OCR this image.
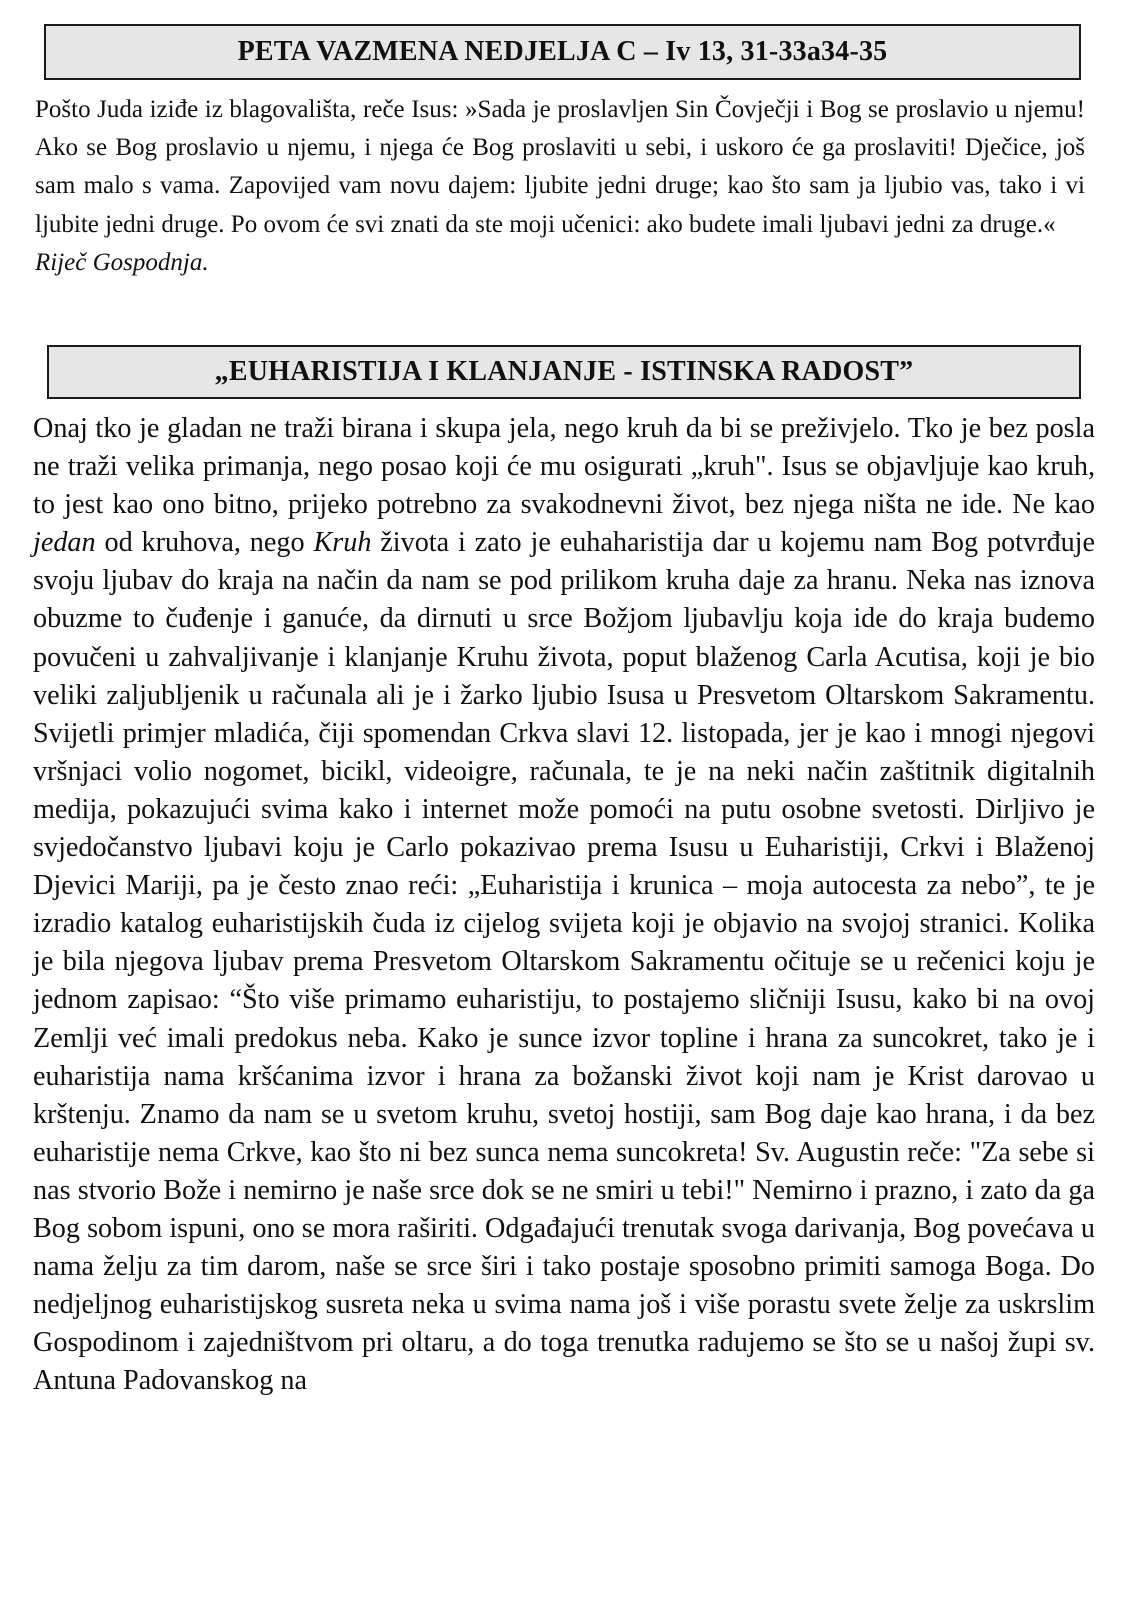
PETA VAZMENA NEDJELJA C – Iv 13, 31-33a34-35
Pošto Juda iziđe iz blagovališta, reče Isus: »Sada je proslavljen Sin Čovječji i Bog se proslavio u njemu! Ako se Bog proslavio u njemu, i njega će Bog proslaviti u sebi, i uskoro će ga proslaviti! Dječice, još sam malo s vama. Zapovijed vam novu dajem: ljubite jedni druge; kao što sam ja ljubio vas, tako i vi ljubite jedni druge. Po ovom će svi znati da ste moji učenici: ako budete imali ljubavi jedni za druge.«
Riječ Gospodnja.
„EUHARISTIJA I KLANJANJE - ISTINSKA RADOST”
Onaj tko je gladan ne traži birana i skupa jela, nego kruh da bi se preživjelo. Tko je bez posla ne traži velika primanja, nego posao koji će mu osigurati „kruh". Isus se objavljuje kao kruh, to jest kao ono bitno, prijeko potrebno za svakodnevni život, bez njega ništa ne ide. Ne kao jedan od kruhova, nego Kruh života i zato je euhaharistija dar u kojemu nam Bog potvrđuje svoju ljubav do kraja na način da nam se pod prilikom kruha daje za hranu. Neka nas iznova obuzme to čuđenje i ganuće, da dirnuti u srce Božjom ljubavlju koja ide do kraja budemo povučeni u zahvaljivanje i klanjanje Kruhu života, poput blaženog Carla Acutisa, koji je bio veliki zaljubljenik u računala ali je i žarko ljubio Isusa u Presvetom Oltarskom Sakramentu. Svijetli primjer mladića, čiji spomendan Crkva slavi 12. listopada, jer je kao i mnogi njegovi vršnjaci volio nogomet, bicikl, videoigre, računala, te je na neki način zaštitnik digitalnih medija, pokazujući svima kako i internet može pomoći na putu osobne svetosti. Dirljivo je svjedočanstvo ljubavi koju je Carlo pokazivao prema Isusu u Euharistiji, Crkvi i Blaženoj Djevici Mariji, pa je često znao reći: „Euharistija i krunica – moja autocesta za nebo”, te je izradio katalog euharistijskih čuda iz cijelog svijeta koji je objavio na svojoj stranici. Kolika je bila njegova ljubav prema Presvetom Oltarskom Sakramentu očituje se u rečenici koju je jednom zapisao: “Što više primamo euharistiju, to postajemo sličniji Isusu, kako bi na ovoj Zemlji već imali predokus neba. Kako je sunce izvor topline i hrana za suncokret, tako je i euharistija nama kršćanima izvor i hrana za božanski život koji nam je Krist darovao u krštenju. Znamo da nam se u svetom kruhu, svetoj hostiji, sam Bog daje kao hrana, i da bez euharistije nema Crkve, kao što ni bez sunca nema suncokreta! Sv. Augustin reče: "Za sebe si nas stvorio Bože i nemirno je naše srce dok se ne smiri u tebi!" Nemirno i prazno, i zato da ga Bog sobom ispuni, ono se mora raširiti. Odgađajući trenutak svoga darivanja, Bog povećava u nama želju za tim darom, naše se srce širi i tako postaje sposobno primiti samoga Boga. Do nedjeljnog euharistijskog susreta neka u svima nama još i više porastu svete želje za uskrslim Gospodinom i zajedništvom pri oltaru, a do toga trenutka radujemo se što se u našoj župi sv. Antuna Padovanskog na
